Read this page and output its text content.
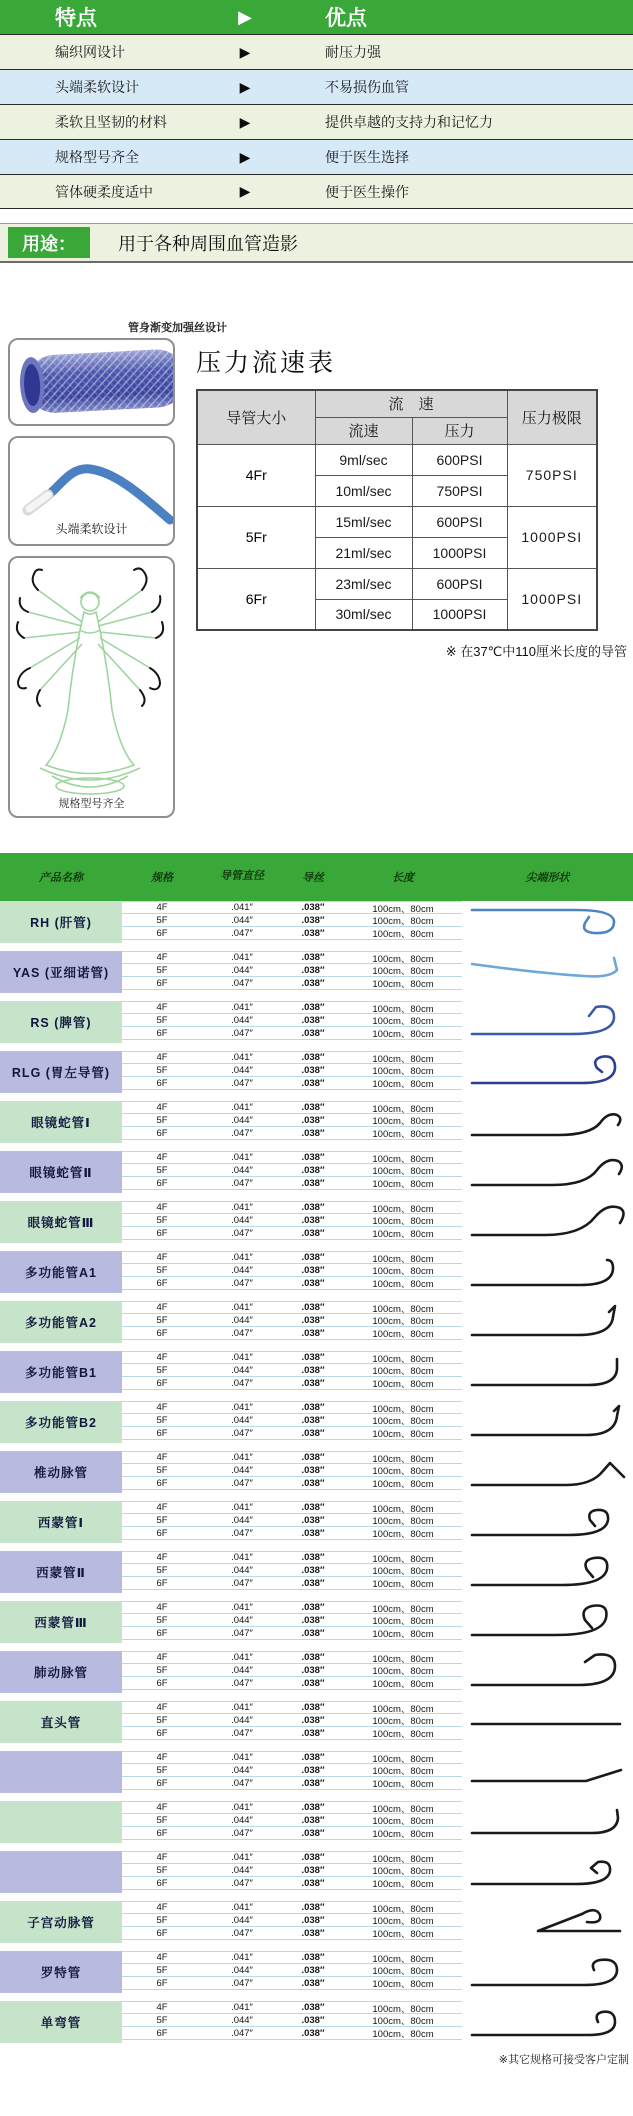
特点	▶	优点
编织网设计	▶	耐压力强
头端柔软设计	▶	不易损伤血管
柔软且坚韧的材料	▶	提供卓越的支持力和记忆力
规格型号齐全	▶	便于医生选择
管体硬柔度适中	▶	便于医生操作
用途：	用于各种周围血管造影
管身渐变加强丝设计
头端柔软设计
规格型号齐全
压力流速表
导管大小	流　速		压力极限
	流速	压力	
4Fr	9ml/sec	600PSI	750PSI
	10ml/sec	750PSI	
5Fr	15ml/sec	600PSI	1000PSI
	21ml/sec	1000PSI	
6Fr	23ml/sec	600PSI	1000PSI
	30ml/sec	1000PSI	
※ 在37℃中110厘米长度的导管
产品名称	规格	导管直径	导丝	长度	尖端形状
RH (肝管)
4F	.041″	.038″	100cm、80cm
5F	.044″	.038″	100cm、80cm
6F	.047″	.038″	100cm、80cm
YAS (亚细诺管)
4F	.041″	.038″	100cm、80cm
5F	.044″	.038″	100cm、80cm
6F	.047″	.038″	100cm、80cm
RS (脾管)
4F	.041″	.038″	100cm、80cm
5F	.044″	.038″	100cm、80cm
6F	.047″	.038″	100cm、80cm
RLG (胃左导管)
4F	.041″	.038″	100cm、80cm
5F	.044″	.038″	100cm、80cm
6F	.047″	.038″	100cm、80cm
眼镜蛇管Ⅰ
4F	.041″	.038″	100cm、80cm
5F	.044″	.038″	100cm、80cm
6F	.047″	.038″	100cm、80cm
眼镜蛇管Ⅱ
4F	.041″	.038″	100cm、80cm
5F	.044″	.038″	100cm、80cm
6F	.047″	.038″	100cm、80cm
眼镜蛇管Ⅲ
4F	.041″	.038″	100cm、80cm
5F	.044″	.038″	100cm、80cm
6F	.047″	.038″	100cm、80cm
多功能管A1
4F	.041″	.038″	100cm、80cm
5F	.044″	.038″	100cm、80cm
6F	.047″	.038″	100cm、80cm
多功能管A2
4F	.041″	.038″	100cm、80cm
5F	.044″	.038″	100cm、80cm
6F	.047″	.038″	100cm、80cm
多功能管B1
4F	.041″	.038″	100cm、80cm
5F	.044″	.038″	100cm、80cm
6F	.047″	.038″	100cm、80cm
多功能管B2
4F	.041″	.038″	100cm、80cm
5F	.044″	.038″	100cm、80cm
6F	.047″	.038″	100cm、80cm
椎动脉管
4F	.041″	.038″	100cm、80cm
5F	.044″	.038″	100cm、80cm
6F	.047″	.038″	100cm、80cm
西蒙管Ⅰ
4F	.041″	.038″	100cm、80cm
5F	.044″	.038″	100cm、80cm
6F	.047″	.038″	100cm、80cm
西蒙管Ⅱ
4F	.041″	.038″	100cm、80cm
5F	.044″	.038″	100cm、80cm
6F	.047″	.038″	100cm、80cm
西蒙管Ⅲ
4F	.041″	.038″	100cm、80cm
5F	.044″	.038″	100cm、80cm
6F	.047″	.038″	100cm、80cm
肺动脉管
4F	.041″	.038″	100cm、80cm
5F	.044″	.038″	100cm、80cm
6F	.047″	.038″	100cm、80cm
直头管
4F	.041″	.038″	100cm、80cm
5F	.044″	.038″	100cm、80cm
6F	.047″	.038″	100cm、80cm
4F	.041″	.038″	100cm、80cm
5F	.044″	.038″	100cm、80cm
6F	.047″	.038″	100cm、80cm
4F	.041″	.038″	100cm、80cm
5F	.044″	.038″	100cm、80cm
6F	.047″	.038″	100cm、80cm
4F	.041″	.038″	100cm、80cm
5F	.044″	.038″	100cm、80cm
6F	.047″	.038″	100cm、80cm
子宫动脉管
4F	.041″	.038″	100cm、80cm
5F	.044″	.038″	100cm、80cm
6F	.047″	.038″	100cm、80cm
罗特管
4F	.041″	.038″	100cm、80cm
5F	.044″	.038″	100cm、80cm
6F	.047″	.038″	100cm、80cm
单弯管
4F	.041″	.038″	100cm、80cm
5F	.044″	.038″	100cm、80cm
6F	.047″	.038″	100cm、80cm
※其它规格可接受客户定制
